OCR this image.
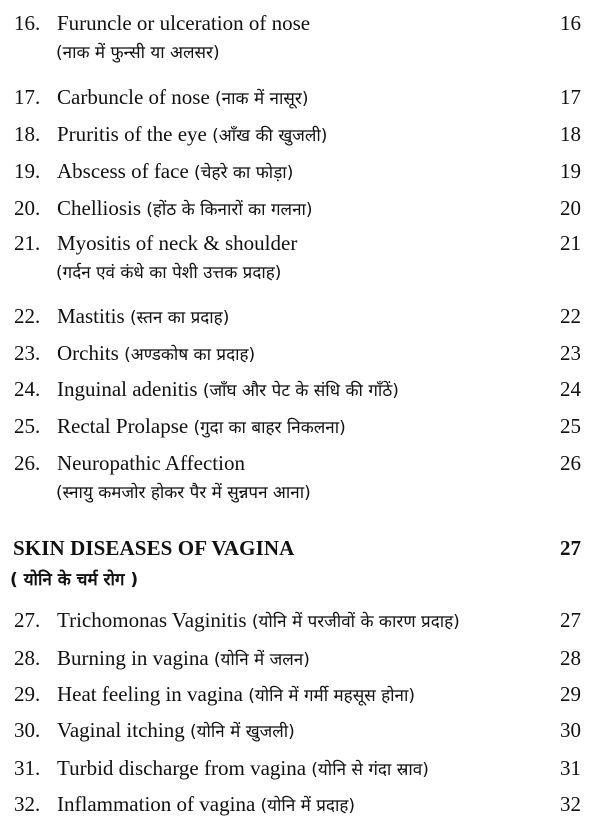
16. Furuncle or ulceration of nose	16
(नाक में फुन्सी या अलसर)
17. Carbuncle of nose (नाक में नासूर)	17
18. Pruritis of the eye (आँख की खुजली)	18
19. Abscess of face (चेहरे का फोड़ा)	19
20. Chelliosis (होंठ के किनारों का गलना)	20
21. Myositis of neck & shoulder	21
(गर्दन एवं कंधे का पेशी उत्तक प्रदाह)
22. Mastitis (स्तन का प्रदाह)	22
23. Orchits (अण्डकोष का प्रदाह)	23
24. Inguinal adenitis (जाँघ और पेट के संधि की गाँठें)	24
25. Rectal Prolapse (गुदा का बाहर निकलना)	25
26. Neuropathic Affection	26
(स्नायु कमजोर होकर पैर में सुन्नपन आना)
SKIN DISEASES OF VAGINA	27
( योनि के चर्म रोग )
27. Trichomonas Vaginitis (योनि में परजीवों के कारण प्रदाह)	27
28. Burning in vagina (योनि में जलन)	28
29. Heat feeling in vagina (योनि में गर्मी महसूस होना)	29
30. Vaginal itching (योनि में खुजली)	30
31. Turbid discharge from vagina (योनि से गंदा स्राव)	31
32. Inflammation of vagina (योनि में प्रदाह)	32
